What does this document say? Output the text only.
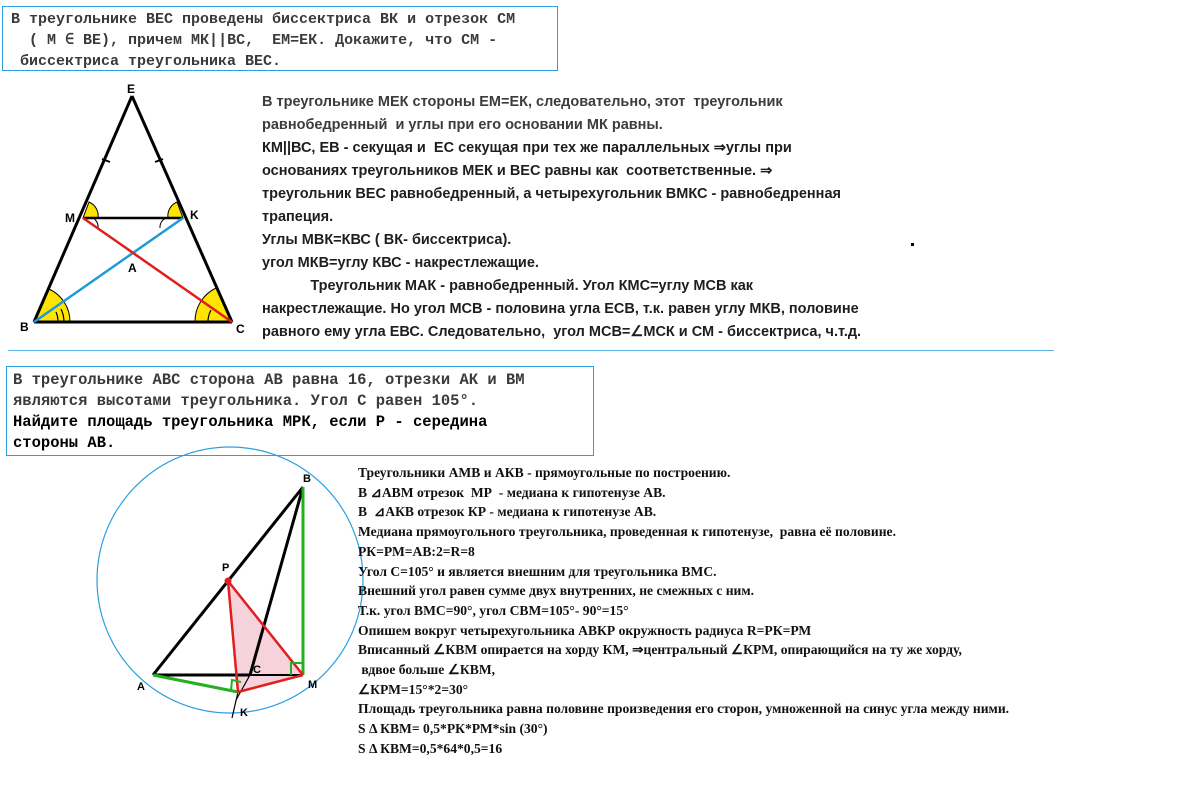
В треугольнике ВЕС проведены биссектриса ВК и отрезок СМ
( М ∈ ВЕ), причем МК||ВС,  ЕМ=ЕК. Докажите, что СМ -
биссектриса треугольника ВЕС.
E
M	K
A
B	C
В треугольнике МЕК стороны ЕМ=ЕК, следовательно, этот  треугольник
равнобедренный  и углы при его основании МК равны.
КМ||ВС, ЕВ - секущая и  ЕС секущая при тех же параллельных ⇒углы при
основаниях треугольников МЕК и ВЕС равны как  соответственные. ⇒
треугольник ВЕС равнобедренный, а четырехугольник ВМКС - равнобедренная
трапеция.
Углы МВК=КВС ( ВК- биссектриса).
угол МКВ=углу КВС - накрестлежащие.
Треугольник МАК - равнобедренный. Угол КМС=углу МСВ как
накрестлежащие. Но угол МСВ - половина угла ЕСВ, т.к. равен углу МКВ, половине
равного ему угла ЕВС. Следовательно,  угол МСВ=∠МСК и СМ - биссектриса, ч.т.д.
В треугольнике АВС сторона АВ равна 16, отрезки АК и ВМ
являются высотами треугольника. Угол С равен 105°.
Найдите площадь треугольника МРК, если Р - середина
стороны АВ.
B
P
A
C
M
K
Треугольники АМВ и АКВ - прямоугольные по построению.
В ⊿АВМ отрезок  МР  - медиана к гипотенузе АВ.
В  ⊿АКВ отрезок КР - медиана к гипотенузе АВ.
Медиана прямоугольного треугольника, проведенная к гипотенузе,  равна её половине.
РК=РМ=АВ:2=R=8
Угол С=105° и является внешним для треугольника ВМС.
Внешний угол равен сумме двух внутренних, не смежных с ним.
Т.к. угол ВМС=90°, угол СВМ=105°- 90°=15°
Опишем вокруг четырехугольника АВКР окружность радиуса R=РК=РМ
Вписанный ∠КВМ опирается на хорду КМ, ⇒центральный ∠КРМ, опирающийся на ту же хорду,
вдвое больше ∠КВМ,
∠КРМ=15°*2=30°
Площадь треугольника равна половине произведения его сторон, умноженной на синус угла между ними.
S Δ КВМ= 0,5*РК*РМ*sin (30°)
S Δ КВМ=0,5*64*0,5=16
